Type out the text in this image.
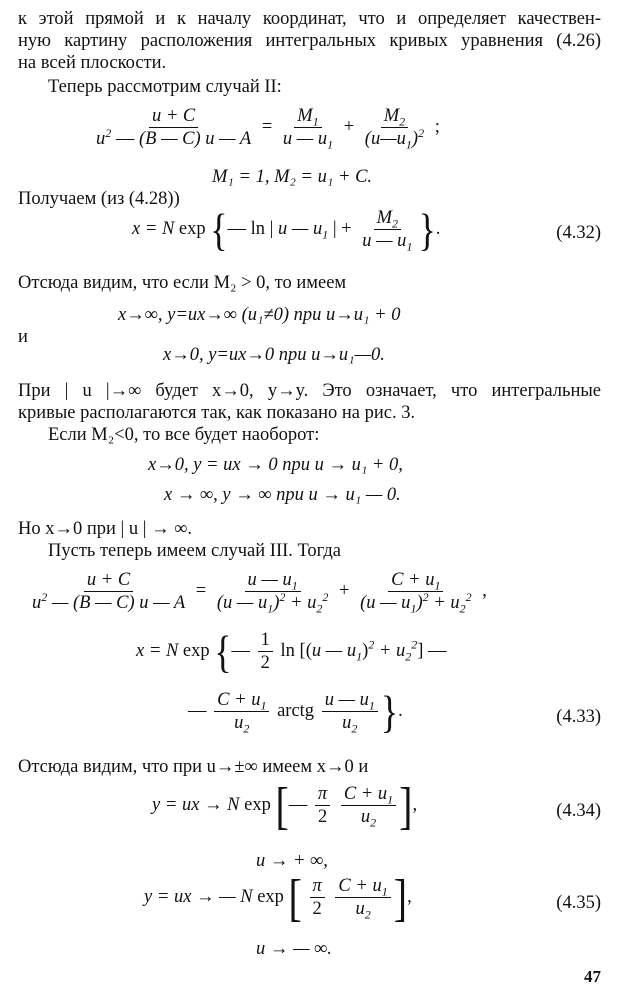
к этой прямой и к началу координат, что и определяет качествен-
ную картину расположения интегральных кривых уравнения (4.26)
на всей плоскости.
Теперь рассмотрим случай II:
$\frac{u + C}{u^2 — (B — C) u — A} = \frac{M_1}{u — u_1} + \frac{M_2}{(u—u_1)^2}$ ;
M₁ = 1, M₂ = u₁ + C.
Получаем (из (4.28))
x = N exp {— ln | u — $u_1$ | + $\frac{M_2}{u — u_1}$ }.	(4.32)
Отсюда видим, что если M₂ > 0, то имеем
x→∞, y=ux→∞ (u₁≠0) при u→u₁ + 0
и
x→0, y=ux→0 при u→u₁—0.
При | u |→∞ будет x→0, y→y. Это означает, что интегральные
кривые располагаются так, как показано на рис. 3.
Если M₂<0, то все будет наоборот:
x→0, y = ux → 0 при u → u₁ + 0,
x → ∞, y → ∞ при u → u₁ — 0.
Но x→0 при | u | → ∞.
Пусть теперь имеем случай III. Тогда
$\frac{u + C}{u^2 — (B — C) u — A} = \frac{u — u_1}{(u — u_1)^2 + u_2^2} + \frac{C + u_1}{(u — u_1)^2 + u_2^2}$ ,
x = N exp {— $\frac{1}{2}$ ln [(u — $u_1)^2 + u_2^2$] —
— $\frac{C + u_1}{u_2}$ arctg $\frac{u — u_1}{u_2}$ }.	(4.33)
Отсюда видим, что при u→±∞ имеем x→0 и
y = ux → N exp [— $\frac{\pi}{2}$
$\frac{C + u_1}{u_2}$ ],	(4.34)
u → + ∞,
y = ux → — N exp [ $\frac{\pi}{2}$
$\frac{C + u_1}{u_2}$ ],	(4.35)
u → — ∞.
47
